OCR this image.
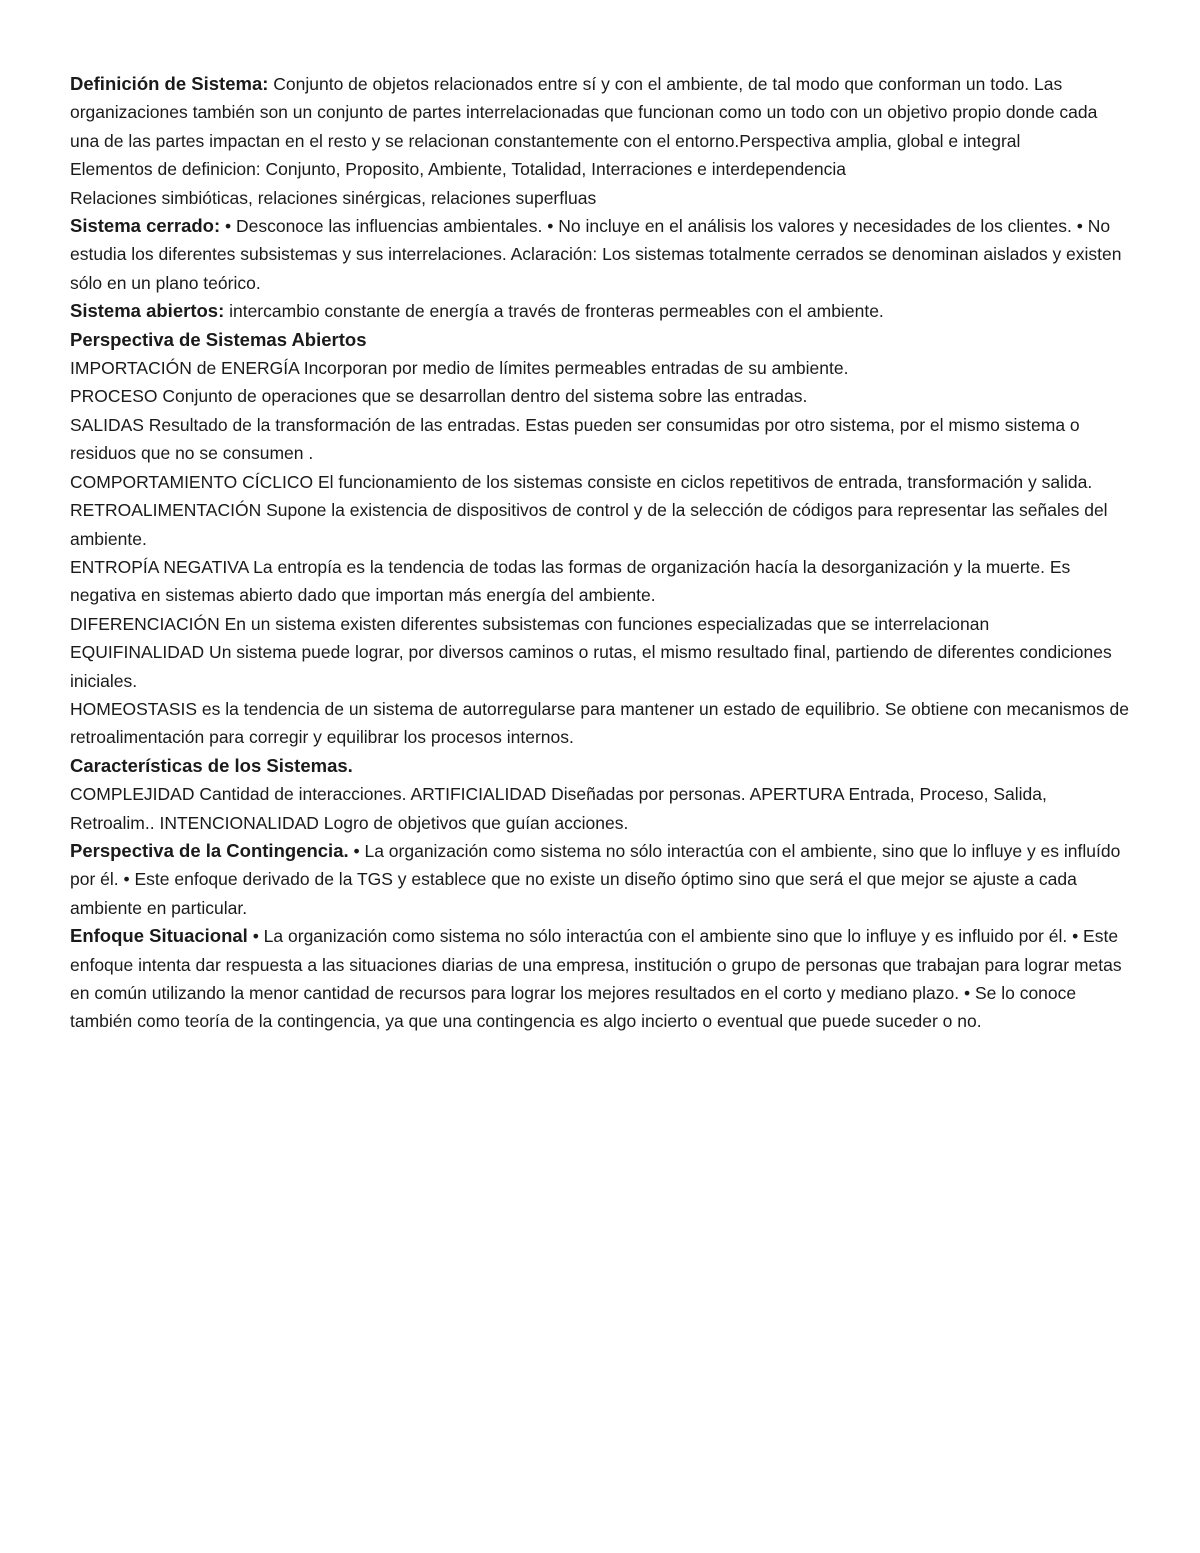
Definición de Sistema: Conjunto de objetos relacionados entre sí y con el ambiente, de tal modo que conforman un todo. Las organizaciones también son un conjunto de partes interrelacionadas que funcionan como un todo con un objetivo propio donde cada una de las partes impactan en el resto y se relacionan constantemente con el entorno.Perspectiva amplia, global e integral

Elementos de definicion: Conjunto, Proposito, Ambiente, Totalidad, Interraciones e interdependencia

Relaciones simbióticas, relaciones sinérgicas, relaciones superfluas

Sistema cerrado: • Desconoce las influencias ambientales. • No incluye en el análisis los valores y necesidades de los clientes. • No estudia los diferentes subsistemas y sus interrelaciones. Aclaración: Los sistemas totalmente cerrados se denominan aislados y existen sólo en un plano teórico.

Sistema abiertos: intercambio constante de energía a través de fronteras permeables con el ambiente.

Perspectiva de Sistemas Abiertos

IMPORTACIÓN de ENERGÍA Incorporan por medio de límites permeables entradas de su ambiente.

PROCESO Conjunto de operaciones que se desarrollan dentro del sistema sobre las entradas.

SALIDAS Resultado de la transformación de las entradas. Estas pueden ser consumidas por otro sistema, por el mismo sistema o residuos que no se consumen .

COMPORTAMIENTO CÍCLICO El funcionamiento de los sistemas consiste en ciclos repetitivos de entrada, transformación y salida.

RETROALIMENTACIÓN Supone la existencia de dispositivos de control y de la selección de códigos para representar las señales del ambiente.

ENTROPÍA NEGATIVA La entropía es la tendencia de todas las formas de organización hacía la desorganización y la muerte. Es negativa en sistemas abierto dado que importan más energía del ambiente.

DIFERENCIACIÓN En un sistema existen diferentes subsistemas con funciones especializadas que se interrelacionan

EQUIFINALIDAD Un sistema puede lograr, por diversos caminos o rutas, el mismo resultado final, partiendo de diferentes condiciones iniciales.

HOMEOSTASIS es la tendencia de un sistema de autorregularse para mantener un estado de equilibrio. Se obtiene con mecanismos de retroalimentación para corregir y equilibrar los procesos internos.

Características de los Sistemas.

COMPLEJIDAD Cantidad de interacciones. ARTIFICIALIDAD Diseñadas por personas. APERTURA Entrada, Proceso, Salida, Retroalim.. INTENCIONALIDAD Logro de objetivos que guían acciones.

Perspectiva de la Contingencia. • La organización como sistema no sólo interactúa con el ambiente, sino que lo influye y es influído por él. • Este enfoque derivado de la TGS y establece que no existe un diseño óptimo sino que será el que mejor se ajuste a cada ambiente en particular.

Enfoque Situacional • La organización como sistema no sólo interactúa con el ambiente sino que lo influye y es influido por él. • Este enfoque intenta dar respuesta a las situaciones diarias de una empresa, institución o grupo de personas que trabajan para lograr metas en común utilizando la menor cantidad de recursos para lograr los mejores resultados en el corto y mediano plazo. • Se lo conoce también como teoría de la contingencia, ya que una contingencia es algo incierto o eventual que puede suceder o no.
